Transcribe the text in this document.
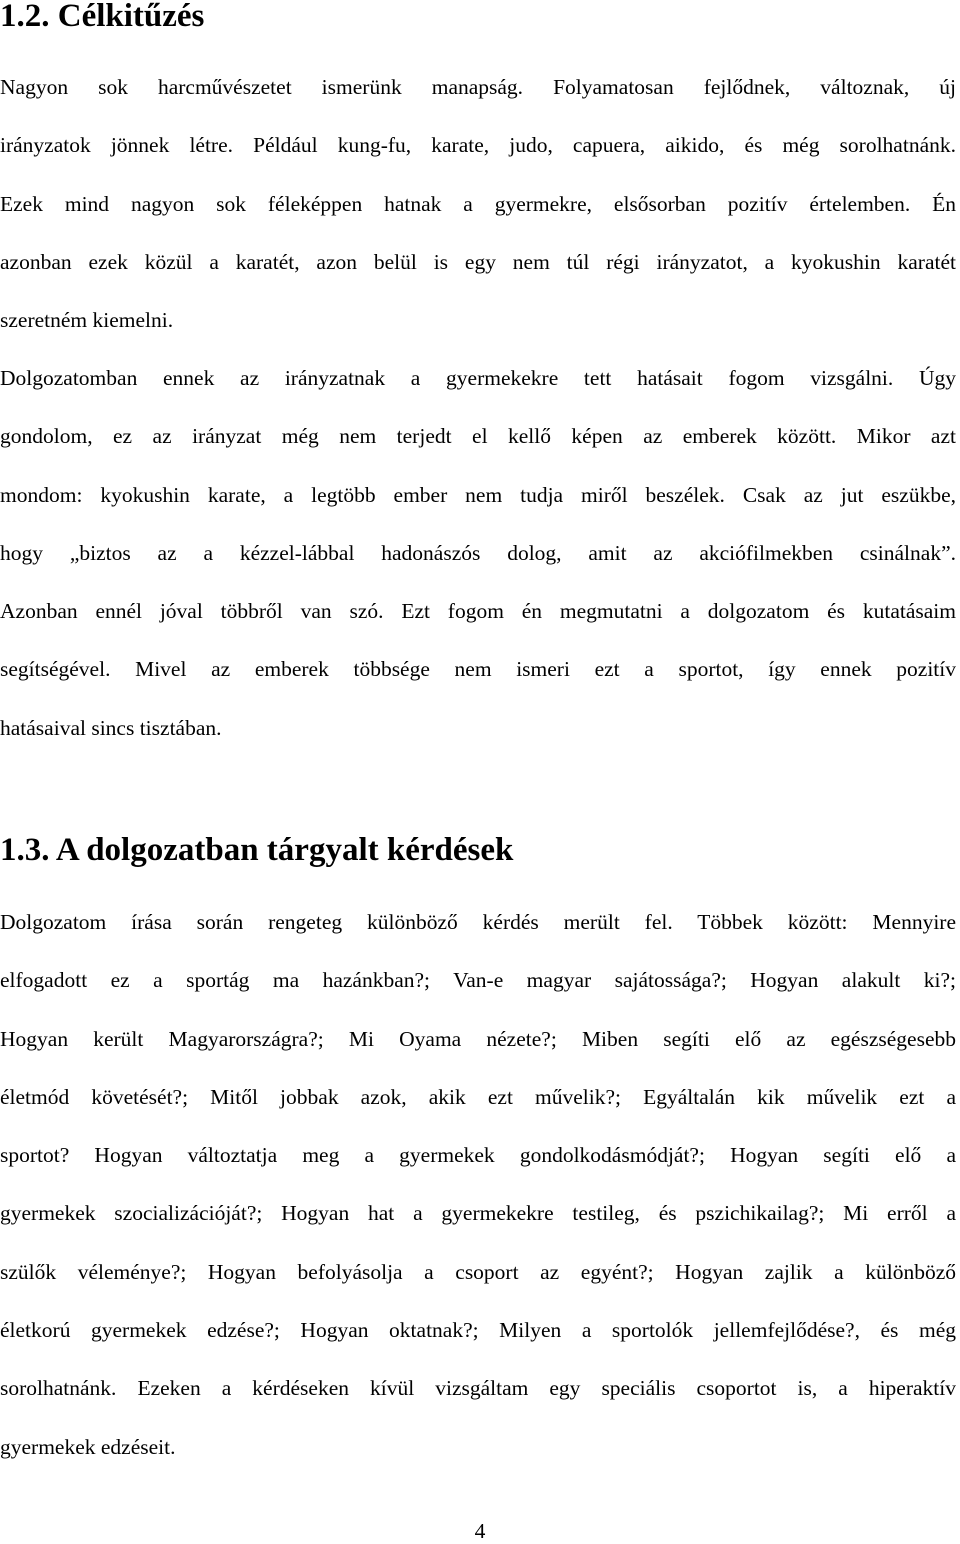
1.2. Célkitűzés
Nagyon sok harcművészetet ismerünk manapság. Folyamatosan fejlődnek, változnak, új
irányzatok jönnek létre. Például kung-fu, karate, judo, capuera, aikido, és még sorolhatnánk.
Ezek mind nagyon sok féleképpen hatnak a gyermekre, elsősorban pozitív értelemben. Én
azonban ezek közül a karatét, azon belül is egy nem túl régi irányzatot, a kyokushin karatét
szeretném kiemelni.
Dolgozatomban ennek az irányzatnak a gyermekekre tett hatásait fogom vizsgálni. Úgy
gondolom, ez az irányzat még nem terjedt el kellő képen az emberek között. Mikor azt
mondom: kyokushin karate, a legtöbb ember nem tudja miről beszélek. Csak az jut eszükbe,
hogy „biztos az a kézzel-lábbal hadonászós dolog, amit az akciófilmekben csinálnak”.
Azonban ennél jóval többről van szó. Ezt fogom én megmutatni a dolgozatom és kutatásaim
segítségével. Mivel az emberek többsége nem ismeri ezt a sportot, így ennek pozitív
hatásaival sincs tisztában.
1.3. A dolgozatban tárgyalt kérdések
Dolgozatom írása során rengeteg különböző kérdés merült fel. Többek között: Mennyire
elfogadott ez a sportág ma hazánkban?; Van-e magyar sajátossága?; Hogyan alakult ki?;
Hogyan került Magyarországra?; Mi Oyama nézete?; Miben segíti elő az egészségesebb
életmód követését?; Mitől jobbak azok, akik ezt művelik?; Egyáltalán kik művelik ezt a
sportot? Hogyan változtatja meg a gyermekek gondolkodásmódját?; Hogyan segíti elő a
gyermekek szocializációját?; Hogyan hat a gyermekekre testileg, és pszichikailag?; Mi erről a
szülők véleménye?; Hogyan befolyásolja a csoport az egyént?; Hogyan zajlik a különböző
életkorú gyermekek edzése?; Hogyan oktatnak?; Milyen a sportolók jellemfejlődése?, és még
sorolhatnánk. Ezeken a kérdéseken kívül vizsgáltam egy speciális csoportot is, a hiperaktív
gyermekek edzéseit.
4
